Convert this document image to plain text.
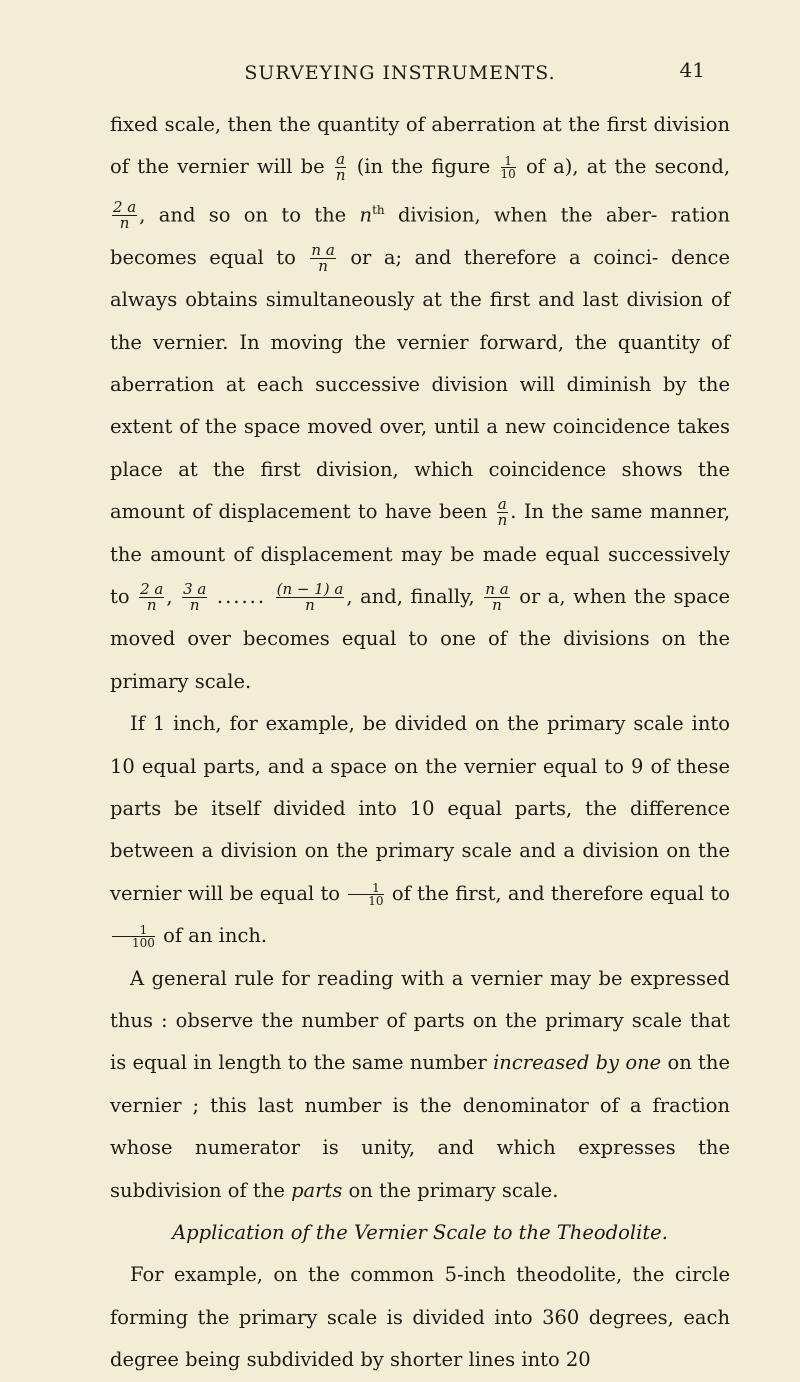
SURVEYING INSTRUMENTS.	41

fixed scale, then the quantity of aberration at the first division of the vernier will be $\frac{a}{n} (in$ the figure $\frac{1}{10}$ of a), at the second,
$\frac{2 a}{n}$ , and so on to the $n^{th}$ division, when the aber- ration becomes equal to $\frac{\text{n a}}{n}$ or a; and therefore a coinci- dence always obtains simultaneously at the first and last division of the vernier. In moving the vernier forward, the quantity of aberration at each successive division will diminish by the extent of the space moved over, until a new coincidence takes place at the first division, which coincidence shows the amount of displacement to have been $\frac{a}{n}$ . In the same manner, the amount of displacement may be made equal successively to $\frac{2 a}{n}$ , $\frac{3 a}{n}$ ...... $\frac{(n - 1) a}{n}$ , and, finally, $\frac{\text{n a}}{n}$ or a, when the space moved over becomes equal to one of the divisions on the primary scale.

If 1 inch, for example, be divided on the primary scale into 10 equal parts, and a space on the vernier equal to 9 of these parts be itself divided into 10 equal parts, the difference between a division on the primary scale and a division on the vernier will be equal to $\frac{1}{10}$ of the first, and therefore equal to
$\frac{1}{100}$ of an inch.

A general rule for reading with a vernier may be expressed thus : observe the number of parts on the primary scale that is equal in length to the same number increased by one on the vernier ; this last number is the denominator of a fraction whose numerator is unity, and which expresses the subdivision of the parts on the primary scale.

Application of the Vernier Scale to the Theodolite.

For example, on the common 5-inch theodolite, the circle forming the primary scale is divided into 360 degrees, each degree being subdivided by shorter lines into 20
